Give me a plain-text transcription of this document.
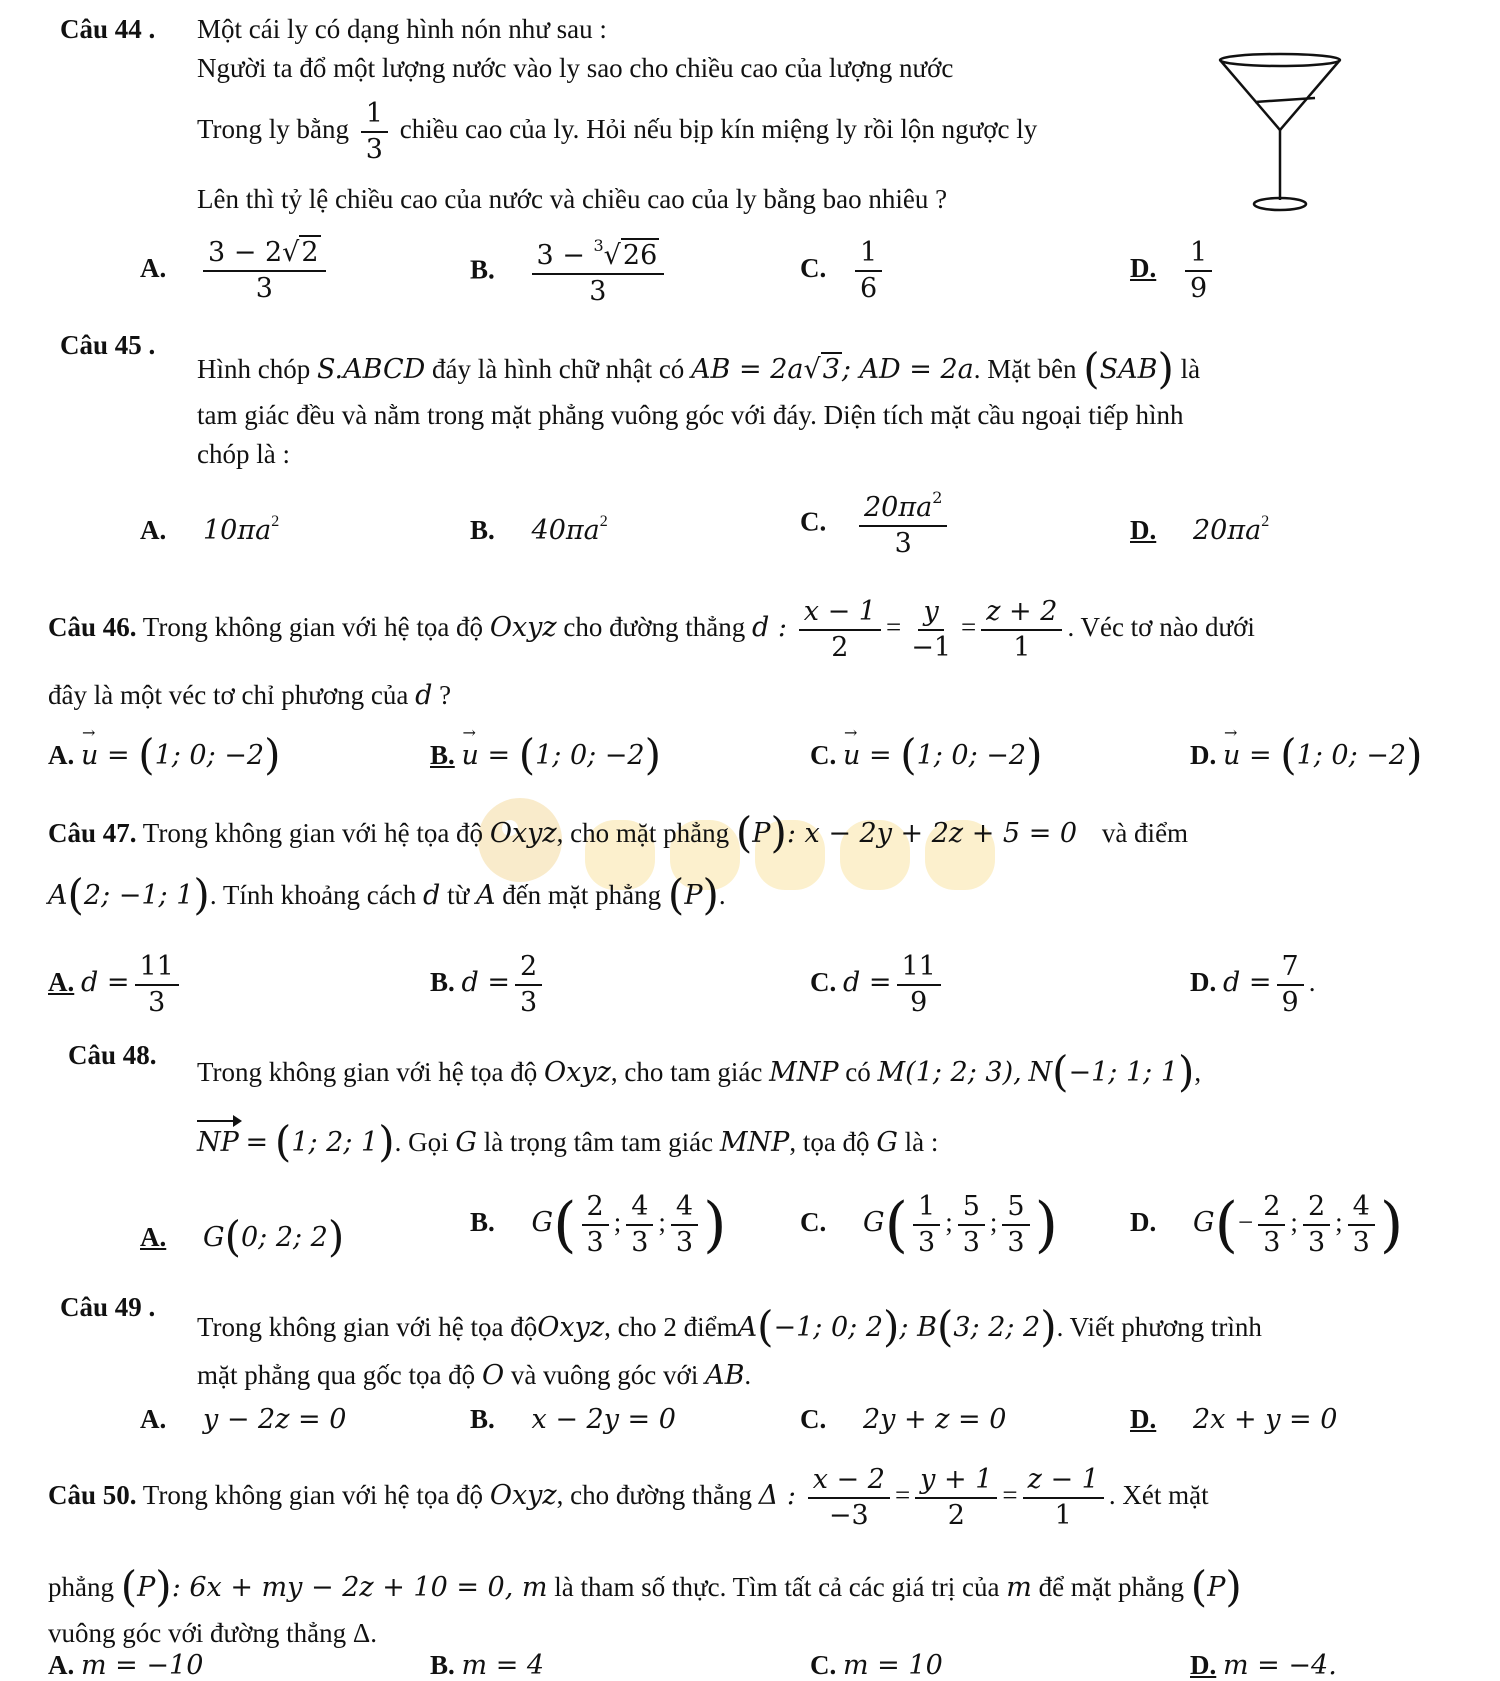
Câu 44 . Một cái ly có dạng hình nón như sau :
Người ta đổ một lượng nước vào ly sao cho chiều cao của lượng nước
Trong ly bằng $\frac{1}{3}$ chiều cao của ly. Hỏi nếu bịp kín miệng ly rồi lộn ngược ly
Lên thì tỷ lệ chiều cao của nước và chiều cao của ly bằng bao nhiêu ?
A. $\frac{3 - 2√2}{3}$	B. $\frac{3 - ^3√26}{3}$	C. $\frac{1}{6}$	D. $\frac{1}{9}$
Câu 45 .
Hình chóp S.ABCD đáy là hình chữ nhật có AB = 2a√3; AD = 2a. Mặt bên (SAB) là
tam giác đều và nằm trong mặt phẳng vuông góc với đáy. Diện tích mặt cầu ngoại tiếp hình
chóp là :
A. $10\pi a^2$	B. $40\pi a^2$	C. $\frac{20\pi a^2}{3}$	D. $20\pi a^2$
Câu 46. Trong không gian với hệ tọa độ Oxyz cho đường thẳng d : $\frac{x - 1}{2} = \frac{y}{-1} = \frac{z + 2}{1}$ . Véc tơ nào dưới
đây là một véc tơ chỉ phương của d ?
A. → u = (1; 0; −2)	B. → u = (1; 0; −2)	C. → u = (1; 0; −2)	D. → u = (1; 0; −2)
Câu 47. Trong không gian với hệ tọa độ Oxyz, cho mặt phẳng (P): x − 2y + 2z + 5 = 0 và điểm
A(2; −1; 1). Tính khoảng cách d từ A đến mặt phẳng (P).
A. $d = \frac{11}{3}$	B. $d = \frac{2}{3}$	C. $d = \frac{11}{9}$	D. $d = \frac{7}{9}$ .
Câu 48.
Trong không gian với hệ tọa độ Oxyz, cho tam giác MNP có M(1; 2; 3), N(−1; 1; 1),
NP = (1; 2; 1). Gọi G là trọng tâm tam giác MNP, tọa độ G là :
A. G(0; 2; 2)	B. $G( \frac{2}{3}$ ; $\frac{4}{3}$ ; $\frac{4}{3}$ )	C. $G( \frac{1}{3}$ ; $\frac{5}{3}$ ; $\frac{5}{3}$ )	D. $G(- \frac{2}{3}$ ; $\frac{2}{3}$ ; $\frac{4}{3}$ )
Câu 49 .
Trong không gian với hệ tọa độOxyz, cho 2 điểmA(−1; 0; 2); B(3; 2; 2). Viết phương trình
mặt phẳng qua gốc tọa độ O và vuông góc với AB.
A. y − 2z = 0	B. x − 2y = 0	C. 2y + z = 0	D. 2x + y = 0
Câu 50. Trong không gian với hệ tọa độ Oxyz, cho đường thẳng Δ : $\frac{x - 2}{-3} = \frac{y + 1}{2} = \frac{z - 1}{1}$ . Xét mặt
phẳng (P): 6x + my − 2z + 10 = 0, m là tham số thực. Tìm tất cả các giá trị của m để mặt phẳng (P)
vuông góc với đường thẳng Δ.
A. m = −10	B. m = 4	C. m = 10	D. m = −4.
